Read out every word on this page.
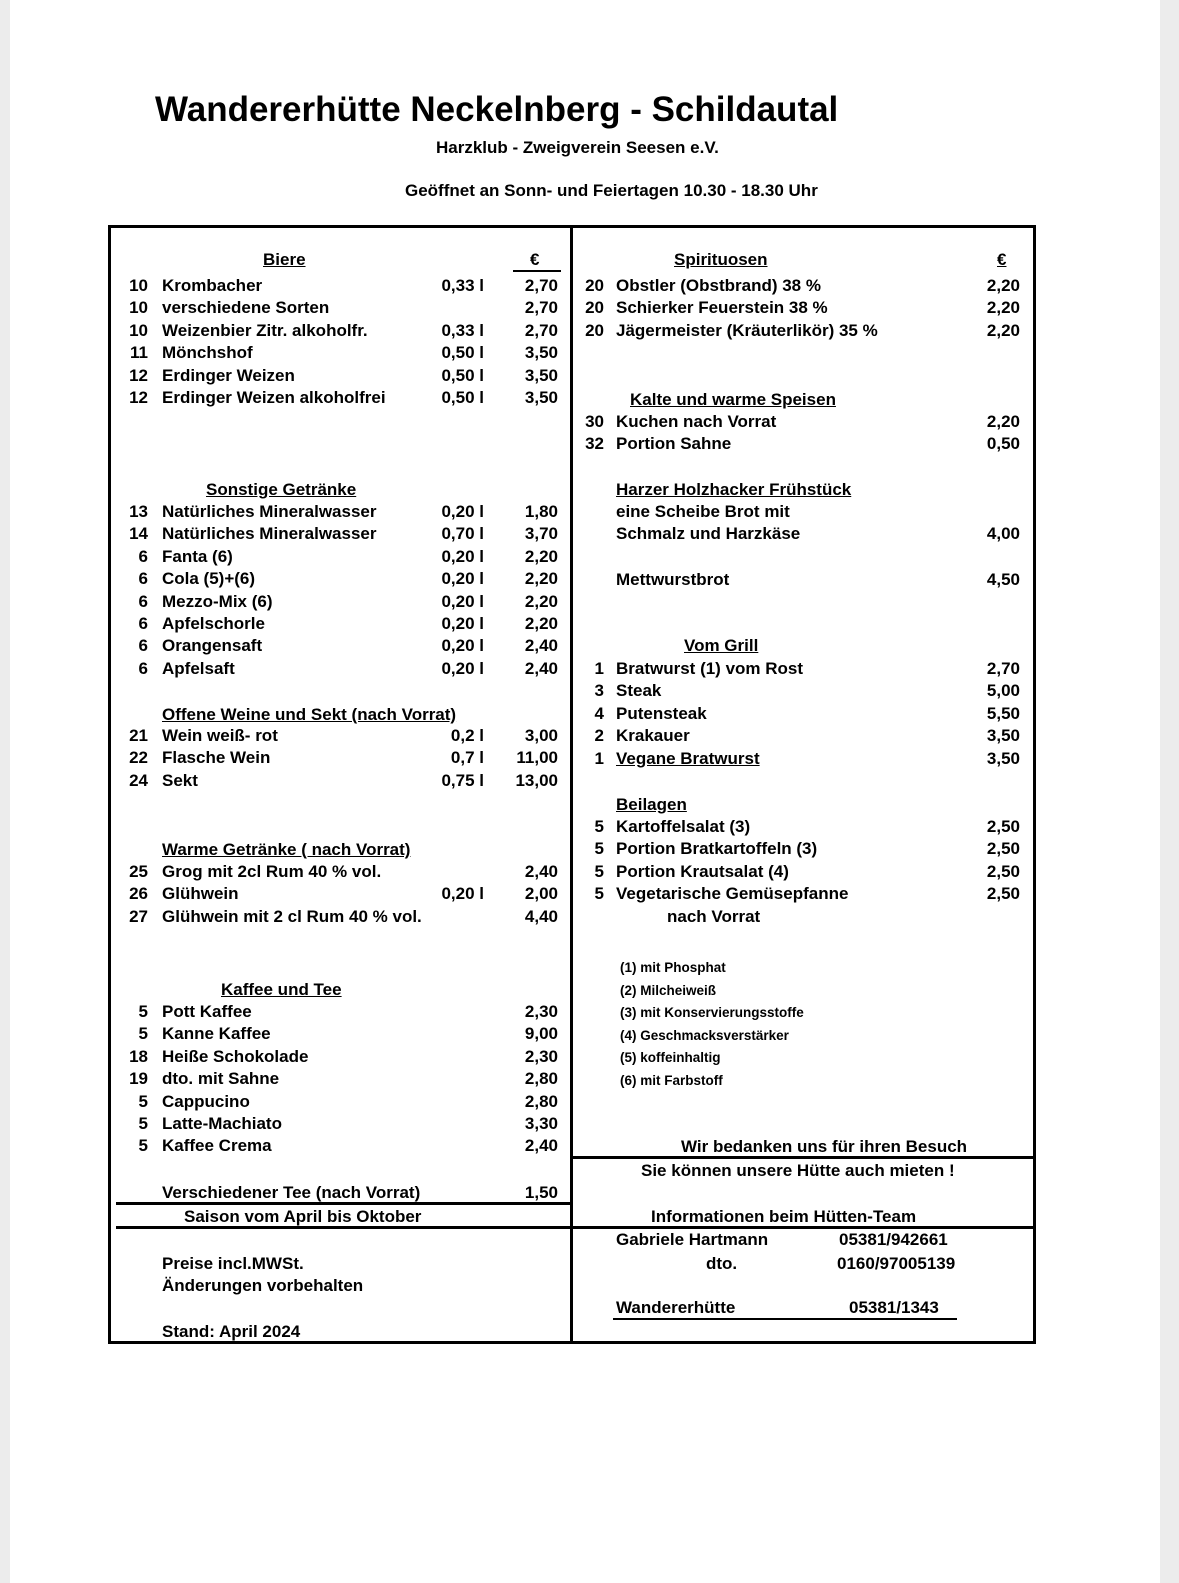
Wandererhütte Neckelnberg - Schildautal
Harzklub - Zweigverein Seesen e.V.
Geöffnet an Sonn- und Feiertagen 10.30 - 18.30 Uhr
Biere	€
10 Krombacher	0,33 l	2,70
10 verschiedene Sorten	2,70
10 Weizenbier Zitr. alkoholfr.	0,33 l	2,70
11 Mönchshof	0,50 l	3,50
12 Erdinger Weizen	0,50 l	3,50
12 Erdinger Weizen alkoholfrei	0,50 l	3,50
Sonstige Getränke
13 Natürliches Mineralwasser	0,20 l	1,80
14 Natürliches Mineralwasser	0,70 l	3,70
6 Fanta (6)	0,20 l	2,20
6 Cola (5)+(6)	0,20 l	2,20
6 Mezzo-Mix (6)	0,20 l	2,20
6 Apfelschorle	0,20 l	2,20
6 Orangensaft	0,20 l	2,40
6 Apfelsaft	0,20 l	2,40
Offene Weine und Sekt (nach Vorrat)
21 Wein weiß- rot	0,2 l	3,00
22 Flasche Wein	0,7 l	11,00
24 Sekt	0,75 l	13,00
Warme Getränke ( nach Vorrat)
25 Grog mit 2cl Rum 40 % vol.	2,40
26 Glühwein	0,20 l	2,00
27 Glühwein mit 2 cl Rum 40 % vol.	4,40
Kaffee und Tee
5 Pott Kaffee	2,30
5 Kanne Kaffee	9,00
18 Heiße Schokolade	2,30
19 dto. mit Sahne	2,80
5 Cappucino	2,80
5 Latte-Machiato	3,30
5 Kaffee Crema	2,40
Verschiedener Tee (nach Vorrat)	1,50
Saison vom April bis Oktober
Preise incl.MWSt.
Änderungen vorbehalten
Stand: April 2024
Spirituosen	€
20 Obstler (Obstbrand) 38 %	2,20
20 Schierker Feuerstein 38 %	2,20
20 Jägermeister (Kräuterlikör) 35 %	2,20
Kalte und warme Speisen
30 Kuchen nach Vorrat	2,20
32 Portion Sahne	0,50
Harzer Holzhacker Frühstück
eine Scheibe Brot mit
Schmalz und Harzkäse	4,00
Mettwurstbrot	4,50
Vom Grill
1 Bratwurst (1) vom Rost	2,70
3 Steak	5,00
4 Putensteak	5,50
2 Krakauer	3,50
1 Vegane Bratwurst	3,50
Beilagen
5 Kartoffelsalat (3)	2,50
5 Portion Bratkartoffeln (3)	2,50
5 Portion Krautsalat (4)	2,50
5 Vegetarische Gemüsepfanne	2,50
nach Vorrat
(1) mit Phosphat
(2) Milcheiweiß
(3) mit Konservierungsstoffe
(4) Geschmacksverstärker
(5) koffeinhaltig
(6) mit Farbstoff
Wir bedanken uns für ihren Besuch
Sie können unsere Hütte auch mieten !
Informationen beim Hütten-Team
Gabriele Hartmann	05381/942661
dto.	0160/97005139
Wandererhütte	05381/1343
